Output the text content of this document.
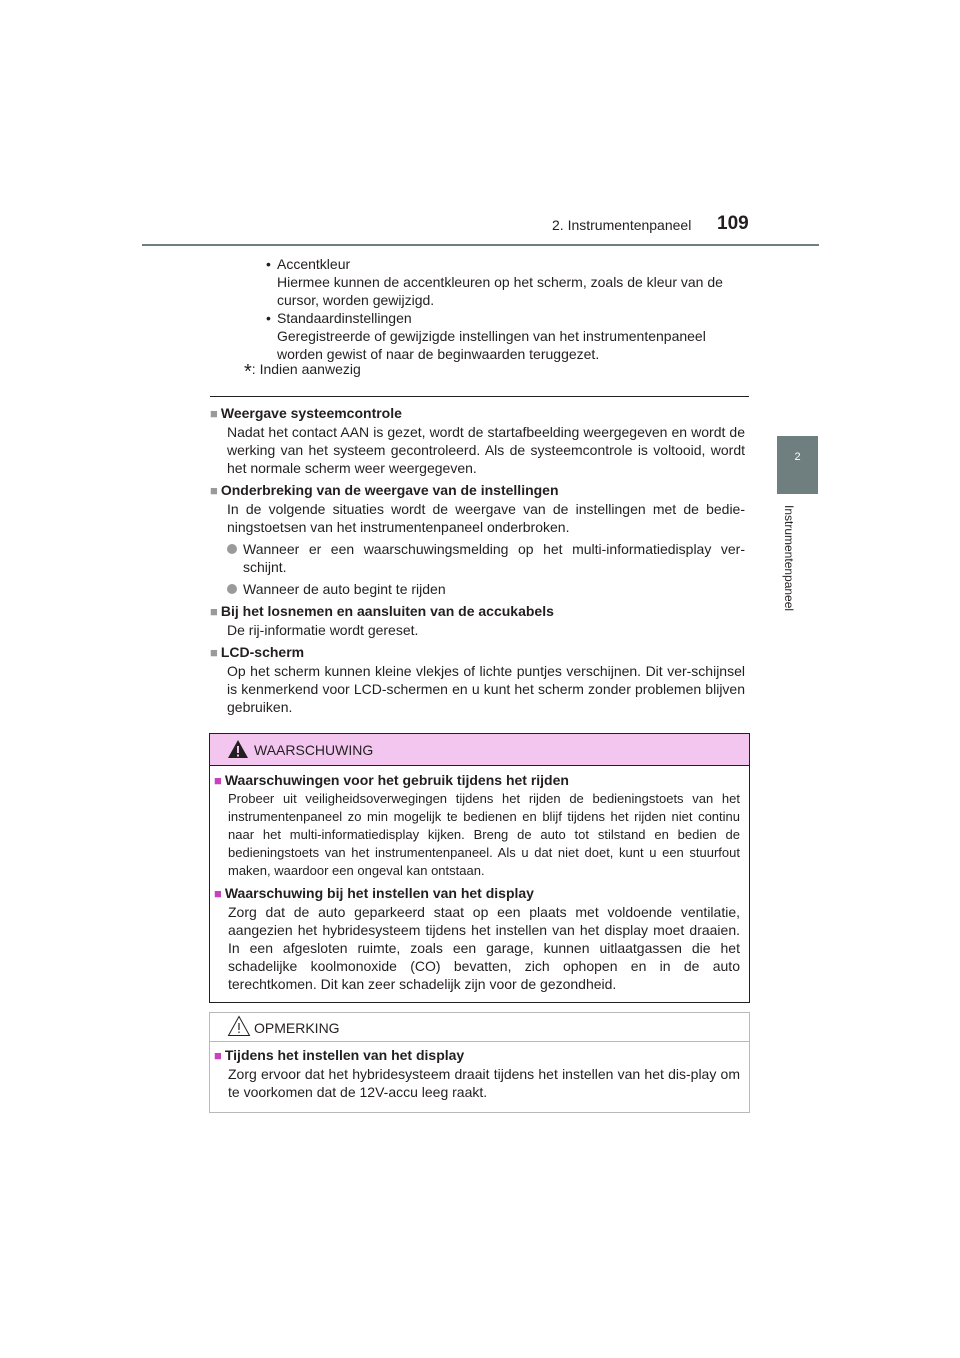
2. Instrumentenpaneel 109
2
Instrumentenpaneel
• Accentkleur
Hiermee kunnen de accentkleuren op het scherm, zoals de kleur van de cursor, worden gewijzigd.
• Standaardinstellingen
Geregistreerde of gewijzigde instellingen van het instrumentenpaneel worden gewist of naar de beginwaarden teruggezet.
*: Indien aanwezig
■ Weergave systeemcontrole
Nadat het contact AAN is gezet, wordt de startafbeelding weergegeven en wordt de werking van het systeem gecontroleerd. Als de systeemcontrole is voltooid, wordt het normale scherm weer weergegeven.
■ Onderbreking van de weergave van de instellingen
In de volgende situaties wordt de weergave van de instellingen met de bedie-ningstoetsen van het instrumentenpaneel onderbroken.
Wanneer er een waarschuwingsmelding op het multi-informatiedisplay ver-schijnt.
Wanneer de auto begint te rijden
■ Bij het losnemen en aansluiten van de accukabels
De rij-informatie wordt gereset.
■ LCD-scherm
Op het scherm kunnen kleine vlekjes of lichte puntjes verschijnen. Dit ver-schijnsel is kenmerkend voor LCD-schermen en u kunt het scherm zonder problemen blijven gebruiken.
WAARSCHUWING
■ Waarschuwingen voor het gebruik tijdens het rijden
Probeer uit veiligheidsoverwegingen tijdens het rijden de bedieningstoets van het instrumentenpaneel zo min mogelijk te bedienen en blijf tijdens het rijden niet continu naar het multi-informatiedisplay kijken. Breng de auto tot stilstand en bedien de bedieningstoets van het instrumentenpaneel. Als u dat niet doet, kunt u een stuurfout maken, waardoor een ongeval kan ontstaan.
■ Waarschuwing bij het instellen van het display
Zorg dat de auto geparkeerd staat op een plaats met voldoende ventilatie, aangezien het hybridesysteem tijdens het instellen van het display moet draaien. In een afgesloten ruimte, zoals een garage, kunnen uitlaatgassen die het schadelijke koolmonoxide (CO) bevatten, zich ophopen en in de auto terechtkomen. Dit kan zeer schadelijk zijn voor de gezondheid.
OPMERKING
■ Tijdens het instellen van het display
Zorg ervoor dat het hybridesysteem draait tijdens het instellen van het dis-play om te voorkomen dat de 12V-accu leeg raakt.
